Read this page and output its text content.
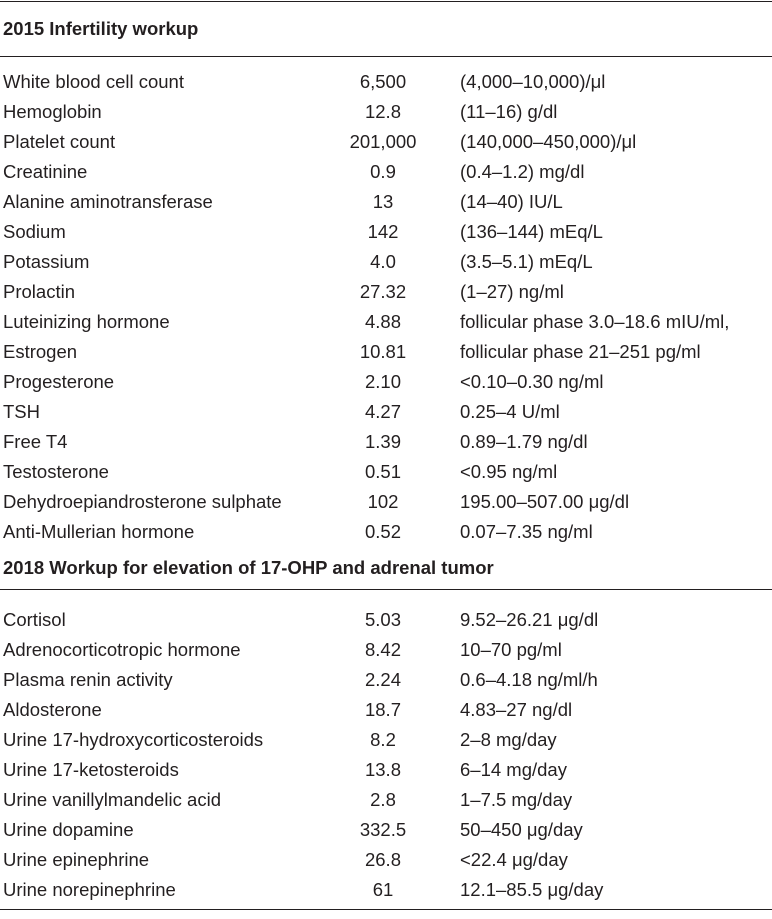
2015 Infertility workup
White blood cell count	6,500	(4,000–10,000)/μl
Hemoglobin	12.8	(11–16) g/dl
Platelet count	201,000	(140,000–450,000)/μl
Creatinine	0.9	(0.4–1.2) mg/dl
Alanine aminotransferase	13	(14–40) IU/L
Sodium	142	(136–144) mEq/L
Potassium	4.0	(3.5–5.1) mEq/L
Prolactin	27.32	(1–27) ng/ml
Luteinizing hormone	4.88	follicular phase 3.0–18.6 mIU/ml,
Estrogen	10.81	follicular phase 21–251 pg/ml
Progesterone	2.10	<0.10–0.30 ng/ml
TSH	4.27	0.25–4 U/ml
Free T4	1.39	0.89–1.79 ng/dl
Testosterone	0.51	<0.95 ng/ml
Dehydroepiandrosterone sulphate	102	195.00–507.00 μg/dl
Anti-Mullerian hormone	0.52	0.07–7.35 ng/ml
2018 Workup for elevation of 17-OHP and adrenal tumor
Cortisol	5.03	9.52–26.21 μg/dl
Adrenocorticotropic hormone	8.42	10–70 pg/ml
Plasma renin activity	2.24	0.6–4.18 ng/ml/h
Aldosterone	18.7	4.83–27 ng/dl
Urine 17-hydroxycorticosteroids	8.2	2–8 mg/day
Urine 17-ketosteroids	13.8	6–14 mg/day
Urine vanillylmandelic acid	2.8	1–7.5 mg/day
Urine dopamine	332.5	50–450 μg/day
Urine epinephrine	26.8	<22.4 μg/day
Urine norepinephrine	61	12.1–85.5 μg/day
